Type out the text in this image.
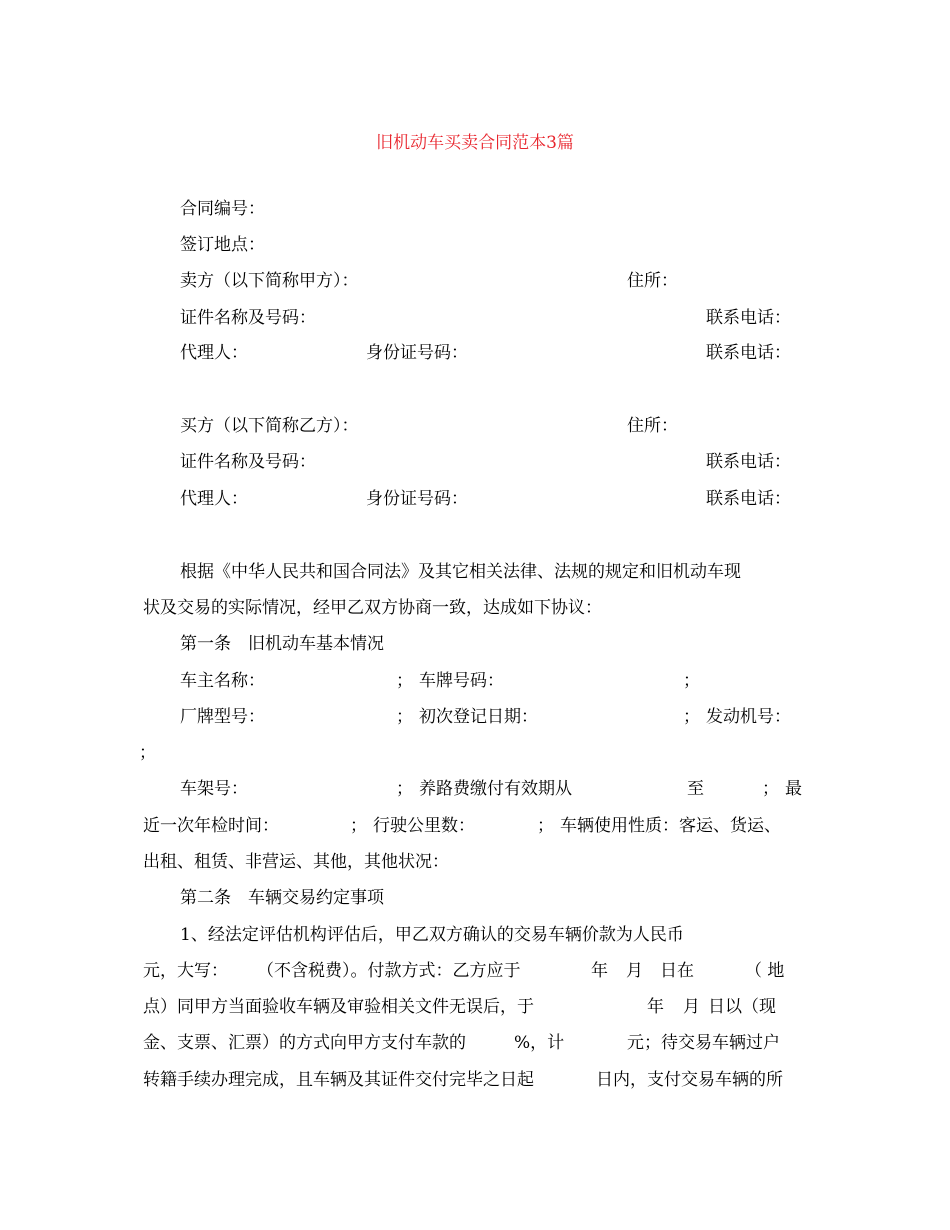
旧机动车买卖合同范本3篇
合同编号：
签订地点：
卖方（以下简称甲方）：	住所：
证件名称及号码：	联系电话：
代理人：	身份证号码：	联系电话：
买方（以下简称乙方）：	住所：
证件名称及号码：	联系电话：
代理人：	身份证号码：	联系电话：
根据《中华人民共和国合同法》及其它相关法律、法规的规定和旧机动车现
状及交易的实际情况，经甲乙双方协商一致，达成如下协议：
第一条　旧机动车基本情况
车主名称：	； 车牌号码：	；
厂牌型号：	； 初次登记日期：	； 发动机号：
；
车架号：	； 养路费缴付有效期从	至	； 最
近一次年检时间：	； 行驶公里数：	； 车辆使用性质：客运、货运、
出租、租赁、非营运、其他，其他状况：
第二条　车辆交易约定事项
1、经法定评估机构评估后，甲乙双方确认的交易车辆价款为人民币
元，大写： （不含税费）。付款方式：乙方应于	年 月 日在	（ 地
点）同甲方当面验收车辆及审验相关文件无误后，于	年 月 日以（现
金、支票、汇票）的方式向甲方支付车款的	%，计	元；待交易车辆过户
转籍手续办理完成，且车辆及其证件交付完毕之日起	日内，支付交易车辆的所
